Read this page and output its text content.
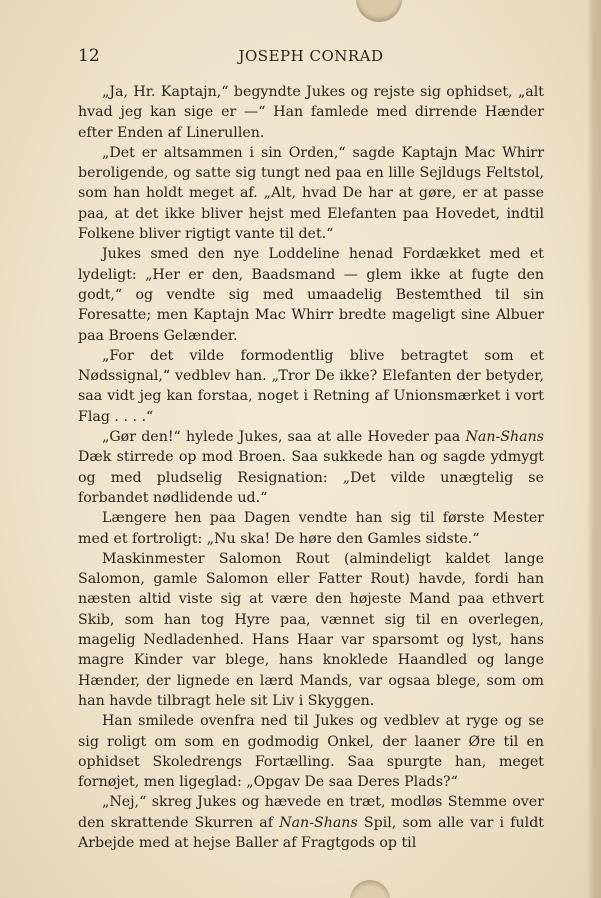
12	JOSEPH CONRAD

„Ja, Hr. Kaptajn,“ begyndte Jukes og rejste sig ophidset, „alt hvad jeg kan sige er —“ Han famlede med dirrende Hænder efter Enden af Linerullen.

„Det er altsammen i sin Orden,“ sagde Kaptajn Mac Whirr beroligende, og satte sig tungt ned paa en lille Sejldugs Feltstol, som han holdt meget af. „Alt, hvad De har at gøre, er at passe paa, at det ikke bliver hejst med Elefanten paa Hovedet, indtil Folkene bliver rigtigt vante til det.“

Jukes smed den nye Loddeline henad Fordækket med et lydeligt: „Her er den, Baadsmand — glem ikke at fugte den godt,“ og vendte sig med umaadelig Bestemthed til sin Foresatte; men Kaptajn Mac Whirr bredte mageligt sine Albuer paa Broens Gelænder.

„For det vilde formodentlig blive betragtet som et Nødssignal,“ vedblev han. „Tror De ikke? Elefanten der betyder, saa vidt jeg kan forstaa, noget i Retning af Unionsmærket i vort Flag . . . .“

„Gør den!“ hylede Jukes, saa at alle Hoveder paa Nan-Shans Dæk stirrede op mod Broen. Saa sukkede han og sagde ydmygt og med pludselig Resignation: „Det vilde unægtelig se forbandet nødlidende ud.“

Længere hen paa Dagen vendte han sig til første Mester med et fortroligt: „Nu ska! De høre den Gamles sidste.“

Maskinmester Salomon Rout (almindeligt kaldet lange Salomon, gamle Salomon eller Fatter Rout) havde, fordi han næsten altid viste sig at være den højeste Mand paa ethvert Skib, som han tog Hyre paa, vænnet sig til en overlegen, magelig Nedladenhed. Hans Haar var sparsomt og lyst, hans magre Kinder var blege, hans knoklede Haandled og lange Hænder, der lignede en lærd Mands, var ogsaa blege, som om han havde tilbragt hele sit Liv i Skyggen.

Han smilede ovenfra ned til Jukes og vedblev at ryge og se sig roligt om som en godmodig Onkel, der laaner Øre til en ophidset Skoledrengs Fortælling. Saa spurgte han, meget fornøjet, men ligeglad: „Opgav De saa Deres Plads?“

„Nej,“ skreg Jukes og hævede en træt, modløs Stemme over den skrattende Skurren af Nan-Shans Spil, som alle var i fuldt Arbejde med at hejse Baller af Fragtgods op til
